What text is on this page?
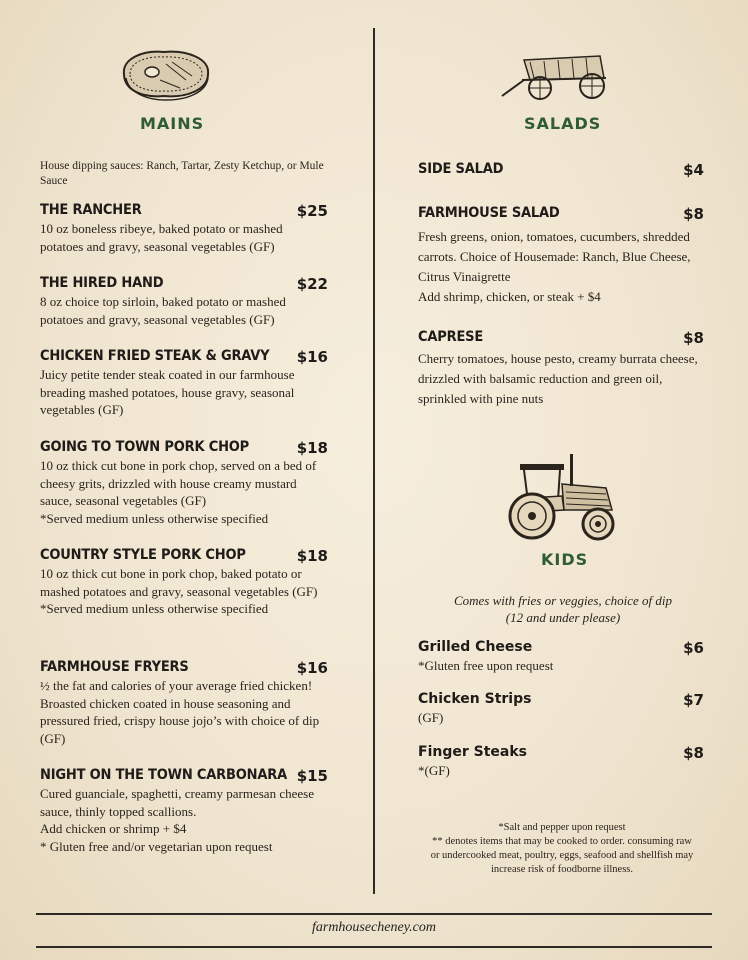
MAINS
House dipping sauces: Ranch, Tartar, Zesty Ketchup, or Mule Sauce
THE RANCHER	$25
10 oz boneless ribeye, baked potato or mashed potatoes and gravy, seasonal vegetables (GF)
THE HIRED HAND	$22
8 oz choice top sirloin, baked potato or mashed potatoes and gravy, seasonal vegetables (GF)
CHICKEN FRIED STEAK & GRAVY	$16
Juicy petite tender steak coated in our farmhouse breading mashed potatoes, house gravy, seasonal vegetables (GF)
GOING TO TOWN PORK CHOP	$18
10 oz thick cut bone in pork chop, served on a bed of cheesy grits, drizzled with house creamy mustard sauce, seasonal vegetables (GF)
*Served medium unless otherwise specified
COUNTRY STYLE PORK CHOP	$18
10 oz thick cut bone in pork chop, baked potato or mashed potatoes and gravy, seasonal vegetables (GF)
*Served medium unless otherwise specified
FARMHOUSE FRYERS	$16
½ the fat and calories of your average fried chicken! Broasted chicken coated in house seasoning and pressured fried, crispy house jojo’s with choice of dip (GF)
NIGHT ON THE TOWN CARBONARA $15
Cured guanciale, spaghetti, creamy parmesan cheese sauce, thinly topped scallions.
Add chicken or shrimp + $4
* Gluten free and/or vegetarian upon request
SALADS
SIDE SALAD	$4
FARMHOUSE SALAD	$8
Fresh greens, onion, tomatoes, cucumbers, shredded carrots. Choice of Housemade: Ranch, Blue Cheese, Citrus Vinaigrette
Add shrimp, chicken, or steak + $4
CAPRESE	$8
Cherry tomatoes, house pesto, creamy burrata cheese, drizzled with balsamic reduction and green oil, sprinkled with pine nuts
KIDS
Comes with fries or veggies, choice of dip
(12 and under please)
Grilled Cheese	$6
*Gluten free upon request
Chicken Strips	$7
(GF)
Finger Steaks	$8
*(GF)
*Salt and pepper upon request
** denotes items that may be cooked to order. consuming raw
or undercooked meat, poultry, eggs, seafood and shellfish may
increase risk of foodborne illness.
farmhousecheney.com
